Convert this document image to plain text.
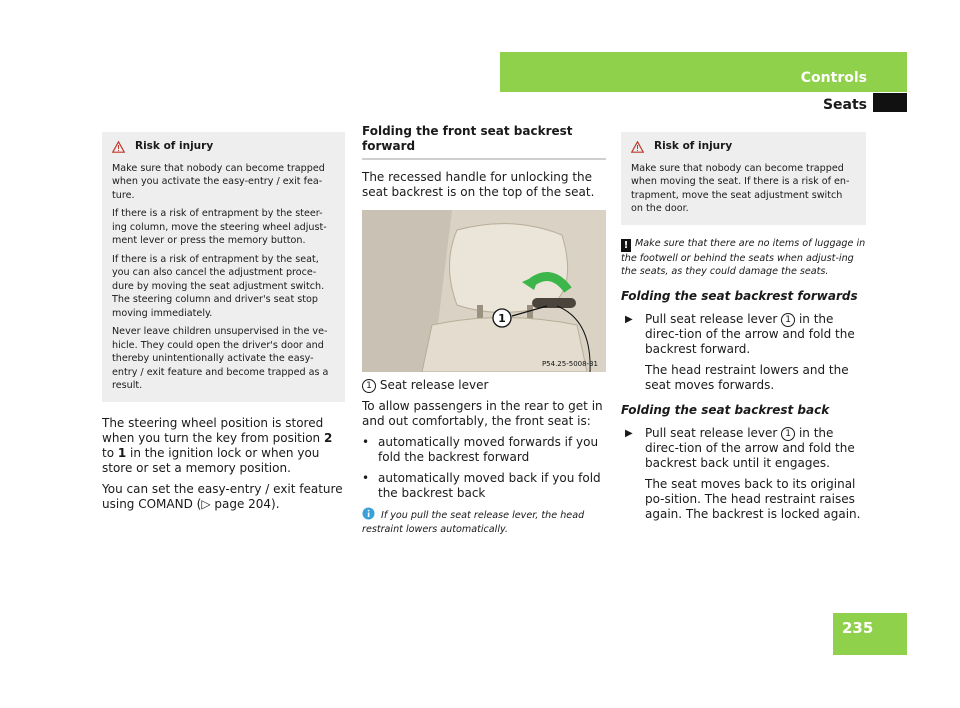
Controls
Seats

Risk of injury

Make sure that nobody can become trapped when you activate the easy-entry / exit fea-ture.

If there is a risk of entrapment by the steer-ing column, move the steering wheel adjust-ment lever or press the memory button.

If there is a risk of entrapment by the seat, you can also cancel the adjustment proce-dure by moving the seat adjustment switch. The steering column and driver's seat stop moving immediately.

Never leave children unsupervised in the ve-hicle. They could open the driver's door and thereby unintentionally activate the easy-entry / exit feature and become trapped as a result.

The steering wheel position is stored when you turn the key from position 2 to 1 in the ignition lock or when you store or set a memory position.

You can set the easy-entry / exit feature using COMAND (▷ page 204).

Folding the front seat backrest forward

The recessed handle for unlocking the seat backrest is on the top of the seat.

1
P54.25-5008-31

1 Seat release lever

To allow passengers in the rear to get in and out comfortably, the front seat is:

• automatically moved forwards if you fold the backrest forward
• automatically moved back if you fold the backrest back

If you pull the seat release lever, the head restraint lowers automatically.

Risk of injury

Make sure that nobody can become trapped when moving the seat. If there is a risk of en-trapment, move the seat adjustment switch on the door.

! Make sure that there are no items of luggage in the footwell or behind the seats when adjust-ing the seats, as they could damage the seats.

Folding the seat backrest forwards

▶	Pull seat release lever 1 in the direc-tion of the arrow and fold the backrest forward.

The head restraint lowers and the seat moves forwards.

Folding the seat backrest back

▶	Pull seat release lever 1 in the direc-tion of the arrow and fold the backrest back until it engages.

The seat moves back to its original po-sition. The head restraint raises again. The backrest is locked again.

235
